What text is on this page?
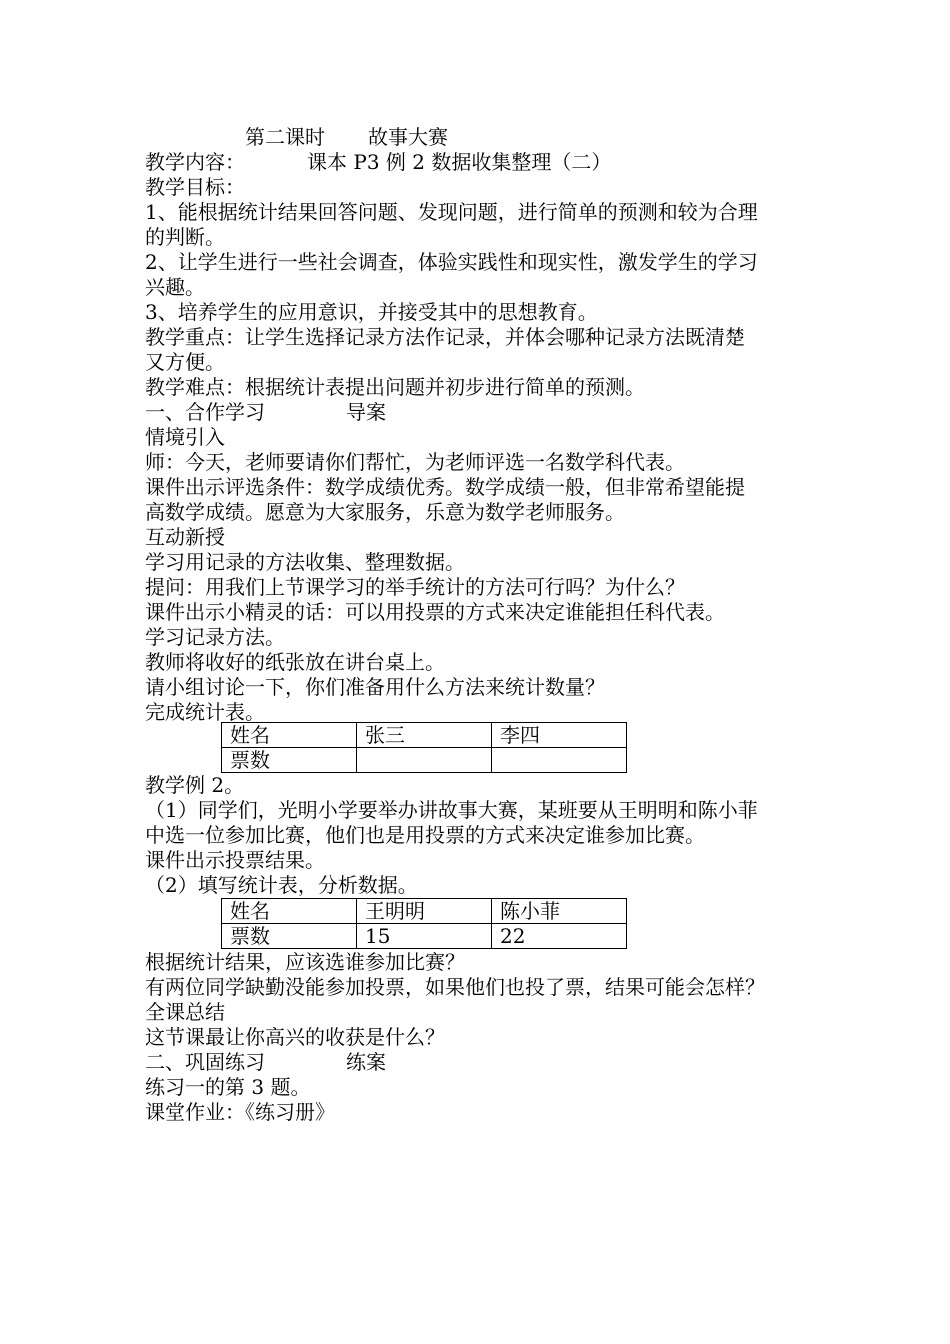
第二课时 故事大赛
教学内容：	课本 P3 例 2 数据收集整理（二）
教学目标：
1、能根据统计结果回答问题、发现问题，进行简单的预测和较为合理
的判断。
2、让学生进行一些社会调查，体验实践性和现实性，激发学生的学习
兴趣。
3、培养学生的应用意识，并接受其中的思想教育。
教学重点：让学生选择记录方法作记录，并体会哪种记录方法既清楚
又方便。
教学难点：根据统计表提出问题并初步进行简单的预测。
一、合作学习	导案
情境引入
师：今天，老师要请你们帮忙，为老师评选一名数学科代表。
课件出示评选条件：数学成绩优秀。数学成绩一般，但非常希望能提
高数学成绩。愿意为大家服务，乐意为数学老师服务。
互动新授
学习用记录的方法收集、整理数据。
提问：用我们上节课学习的举手统计的方法可行吗？为什么？
课件出示小精灵的话：可以用投票的方式来决定谁能担任科代表。
学习记录方法。
教师将收好的纸张放在讲台桌上。
请小组讨论一下，你们准备用什么方法来统计数量？
完成统计表。
姓名	张三	李四
票数		
教学例 2。
（1）同学们，光明小学要举办讲故事大赛，某班要从王明明和陈小菲
中选一位参加比赛，他们也是用投票的方式来决定谁参加比赛。
课件出示投票结果。
（2）填写统计表，分析数据。
姓名	王明明	陈小菲
票数	15	22
根据统计结果，应该选谁参加比赛？
有两位同学缺勤没能参加投票，如果他们也投了票，结果可能会怎样？
全课总结
这节课最让你高兴的收获是什么？
二、巩固练习	练案
练习一的第 3 题。
课堂作业：《练习册》
